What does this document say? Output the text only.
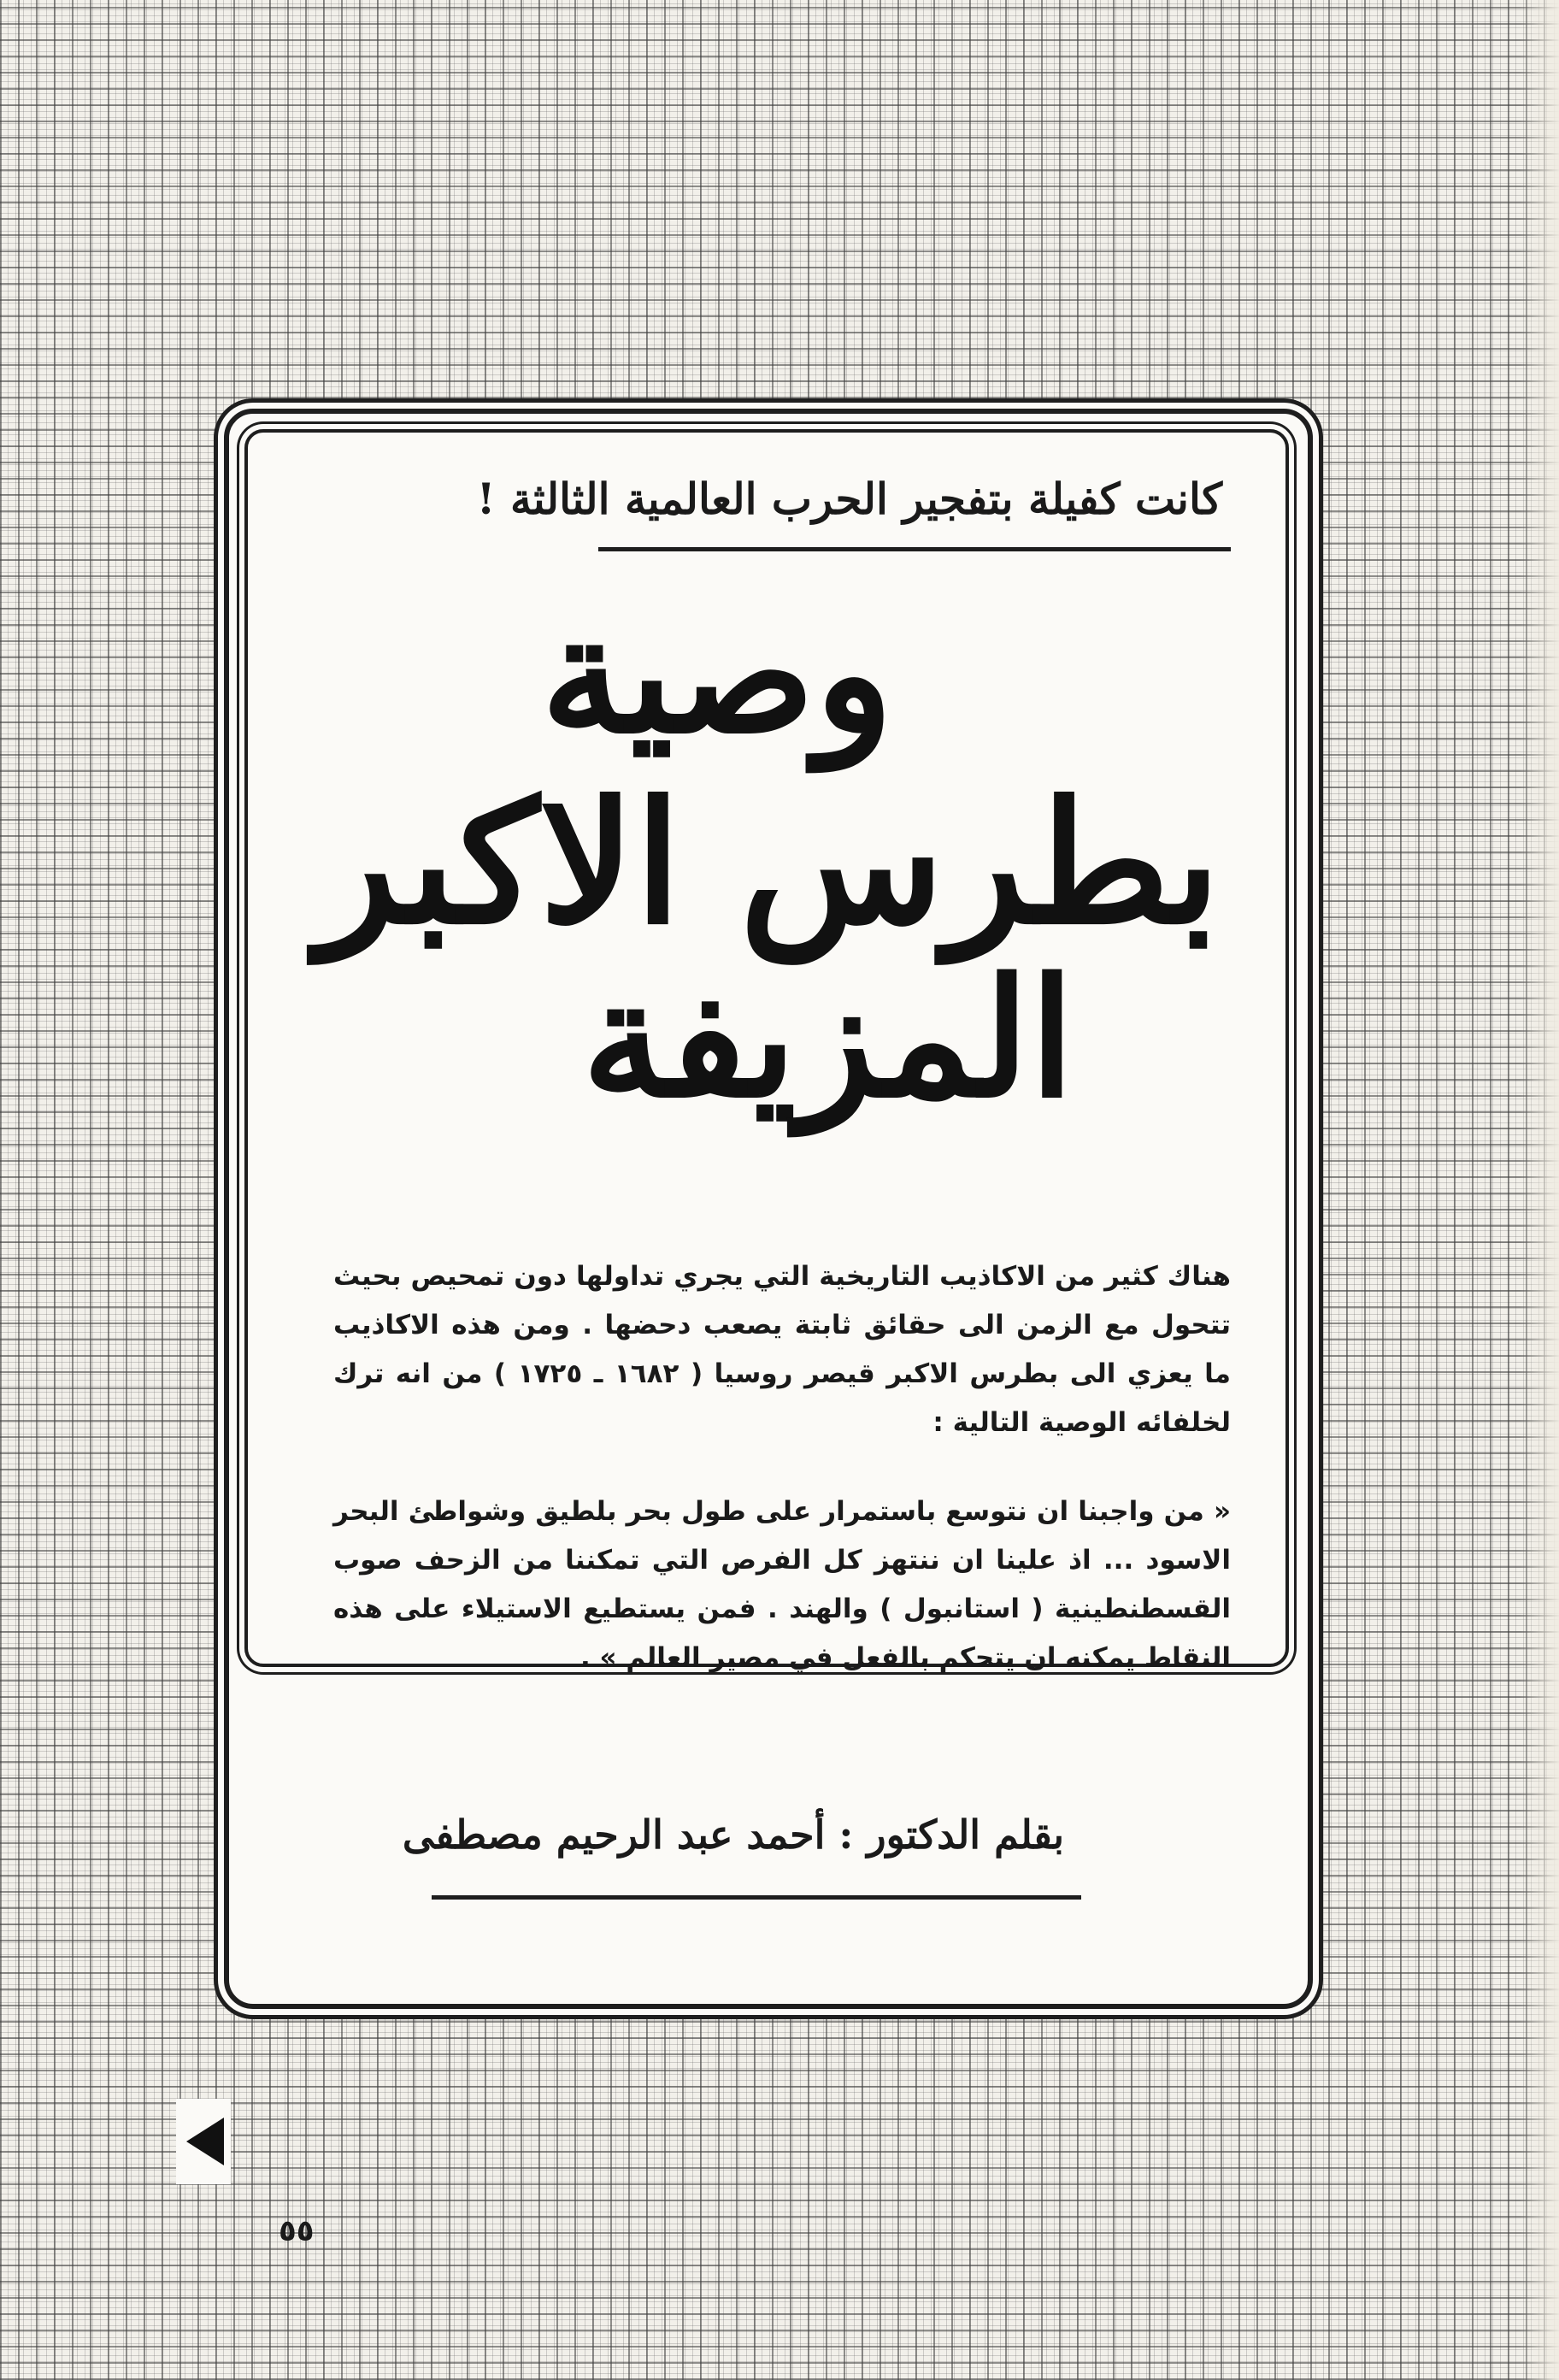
كانت كفيلة بتفجير الحرب العالمية الثالثة !
وصية
بطرس الاكبر
المزيفة

هناك كثير من الاكاذيب التاريخية التي يجري تداولها دون تمحيص بحيث تتحول مع الزمن الى حقائق ثابتة يصعب دحضها . ومن هذه الاكاذيب ما يعزي الى بطرس الاكبر قيصر روسيا ( ١٦٨٢ ـ ١٧٢٥ ) من انه ترك لخلفائه الوصية التالية :

« من واجبنا ان نتوسع باستمرار على طول بحر بلطيق وشواطئ البحر الاسود ... اذ علينا ان ننتهز كل الفرص التي تمكننا من الزحف صوب القسطنطينية ( استانبول ) والهند . فمن يستطيع الاستيلاء على هذه النقاط يمكنه ان يتحكم بالفعل في مصير العالم » .

بقلم الدكتور : أحمد عبد الرحيم مصطفى
٥٥
